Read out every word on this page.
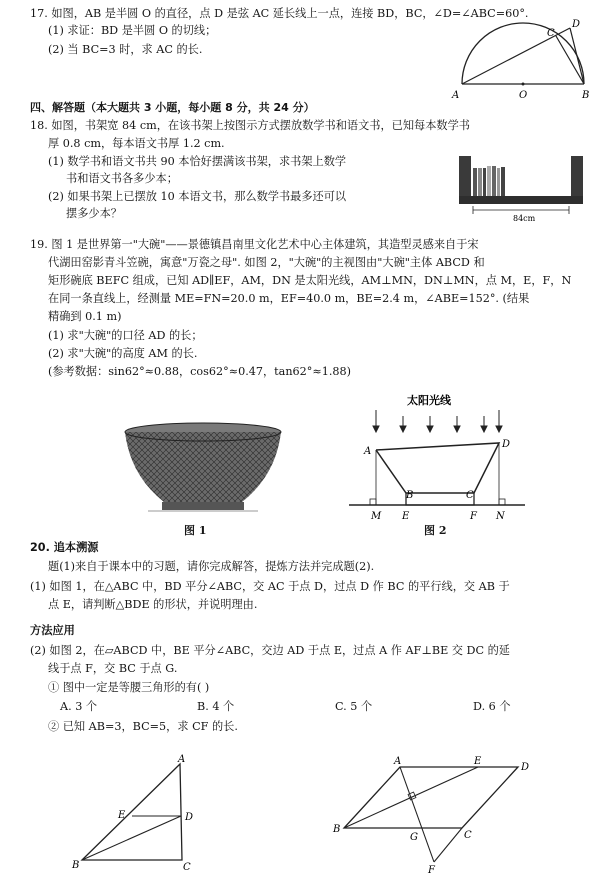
17. 如图，AB 是半圆 O 的直径，点 D 是弦 AC 延长线上一点，连接 BD，BC，∠D=∠ABC=60°.
(1) 求证：BD 是半圆 O 的切线；
(2) 当 BC=3 时，求 AC 的长.
A	O	B
C
D
四、解答题（本大题共 3 小题，每小题 8 分，共 24 分）
18. 如图，书架宽 84 cm，在该书架上按图示方式摆放数学书和语文书，已知每本数学书
厚 0.8 cm，每本语文书厚 1.2 cm.
(1) 数学书和语文书共 90 本恰好摆满该书架，求书架上数学
书和语文书各多少本；
(2) 如果书架上已摆放 10 本语文书，那么数学书最多还可以
摆多少本？	84cm
19. 图 1 是世界第一"大碗"——景德镇昌南里文化艺术中心主体建筑，其造型灵感来自于宋
代湖田窑影青斗笠碗，寓意"万瓷之母". 如图 2，"大碗"的主视图由"大碗"主体 ABCD 和
矩形碗底 BEFC 组成，已知 AD∥EF，AM，DN 是太阳光线，AM⊥MN，DN⊥MN，点 M，E，F，N
在同一条直线上，经测量 ME=FN=20.0 m，EF=40.0 m，BE=2.4 m，∠ABE=152°. (结果
精确到 0.1 m)
(1) 求"大碗"的口径 AD 的长；
(2) 求"大碗"的高度 AM 的长.
(参考数据：sin62°≈0.88，cos62°≈0.47，tan62°≈1.88)
图 1
太阳光线
A
D
B	C
M E	F N
图 2
20. 追本溯源
题(1)来自于课本中的习题，请你完成解答，提炼方法并完成题(2).
(1) 如图 1，在△ABC 中，BD 平分∠ABC，交 AC 于点 D，过点 D 作 BC 的平行线，交 AB 于
点 E，请判断△BDE 的形状，并说明理由.
方法应用
(2) 如图 2，在▱ABCD 中，BE 平分∠ABC，交边 AD 于点 E，过点 A 作 AF⊥BE 交 DC 的延
线于点 F，交 BC 于点 G.
① 图中一定是等腰三角形的有( )
A. 3 个	B. 4 个	C. 5 个	D. 6 个
② 已知 AB=3，BC=5，求 CF 的长.
A
E	D
B	C
A	E
D
B
G	C
F
